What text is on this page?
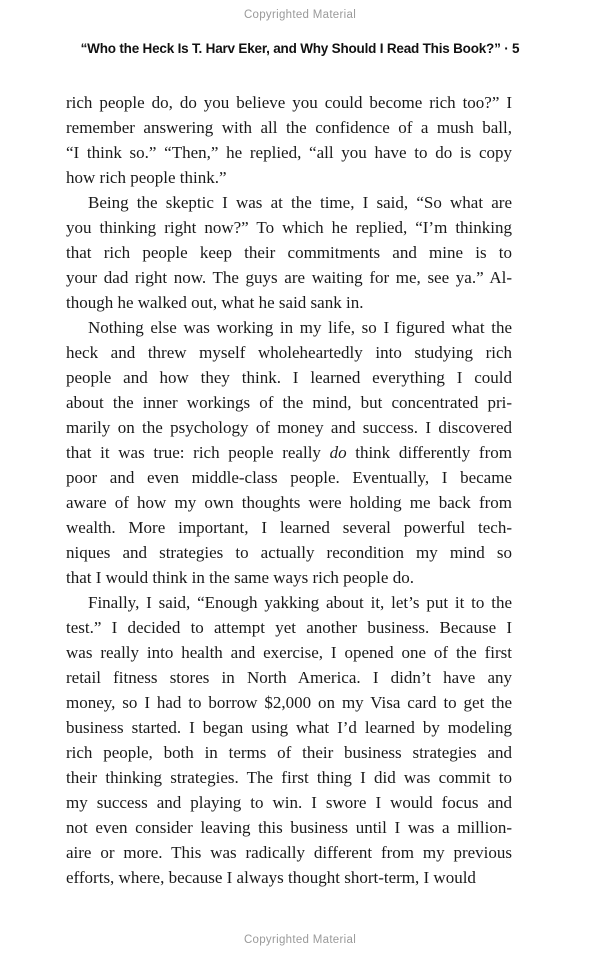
Copyrighted Material
“Who the Heck Is T. Harv Eker, and Why Should I Read This Book?” · 5
rich people do, do you believe you could become rich too?” I
remember answering with all the confidence of a mush ball,
“I think so.” “Then,” he replied, “all you have to do is copy
how rich people think.”
Being the skeptic I was at the time, I said, “So what are
you thinking right now?” To which he replied, “I’m thinking
that rich people keep their commitments and mine is to
your dad right now. The guys are waiting for me, see ya.” Al-
though he walked out, what he said sank in.
Nothing else was working in my life, so I figured what the
heck and threw myself wholeheartedly into studying rich
people and how they think. I learned everything I could
about the inner workings of the mind, but concentrated pri-
marily on the psychology of money and success. I discovered
that it was true: rich people really do think differently from
poor and even middle-class people. Eventually, I became
aware of how my own thoughts were holding me back from
wealth. More important, I learned several powerful tech-
niques and strategies to actually recondition my mind so
that I would think in the same ways rich people do.
Finally, I said, “Enough yakking about it, let’s put it to the
test.” I decided to attempt yet another business. Because I
was really into health and exercise, I opened one of the first
retail fitness stores in North America. I didn’t have any
money, so I had to borrow $2,000 on my Visa card to get the
business started. I began using what I’d learned by modeling
rich people, both in terms of their business strategies and
their thinking strategies. The first thing I did was commit to
my success and playing to win. I swore I would focus and
not even consider leaving this business until I was a million-
aire or more. This was radically different from my previous
efforts, where, because I always thought short-term, I would
Copyrighted Material
